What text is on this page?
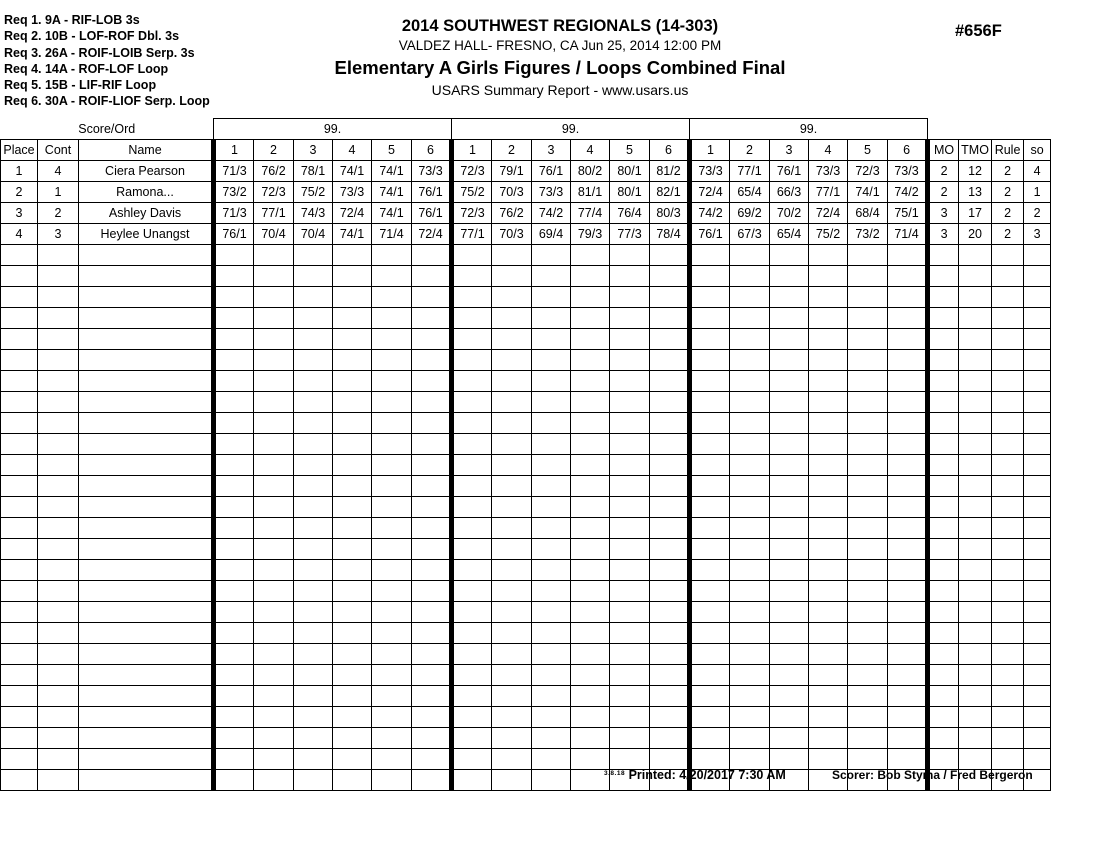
Req 1. 9A - RIF-LOB 3s
Req 2. 10B - LOF-ROF Dbl. 3s
Req 3. 26A - ROIF-LOIB Serp. 3s
Req 4. 14A - ROF-LOF Loop
Req 5. 15B - LIF-RIF Loop
Req 6. 30A - ROIF-LIOF Serp. Loop
2014 SOUTHWEST REGIONALS (14-303)
VALDEZ HALL- FRESNO, CA Jun 25, 2014 12:00 PM
Elementary A Girls Figures / Loops Combined Final
USARS Summary Report - www.usars.us
#656F
Score/Ord			99.						99.						99.									
Place	Cont	Name	1	2	3	4	5	6	1	2	3	4	5	6	1	2	3	4	5	6	MO	TMO	Rule	so
1	4	Ciera Pearson	71/3	76/2	78/1	74/1	74/1	73/3	72/3	79/1	76/1	80/2	80/1	81/2	73/3	77/1	76/1	73/3	72/3	73/3	2	12	2	4
2	1	Ramona...	73/2	72/3	75/2	73/3	74/1	76/1	75/2	70/3	73/3	81/1	80/1	82/1	72/4	65/4	66/3	77/1	74/1	74/2	2	13	2	1
3	2	Ashley Davis	71/3	77/1	74/3	72/4	74/1	76/1	72/3	76/2	74/2	77/4	76/4	80/3	74/2	69/2	70/2	72/4	68/4	75/1	3	17	2	2
4	3	Heylee Unangst	76/1	70/4	70/4	74/1	71/4	72/4	77/1	70/3	69/4	79/3	77/3	78/4	76/1	67/3	65/4	75/2	73/2	71/4	3	20	2	3

$^{3.8.18}$ Printed: 4/20/2017 7:30 AM	Scorer: Bob Styma / Fred Bergeron
